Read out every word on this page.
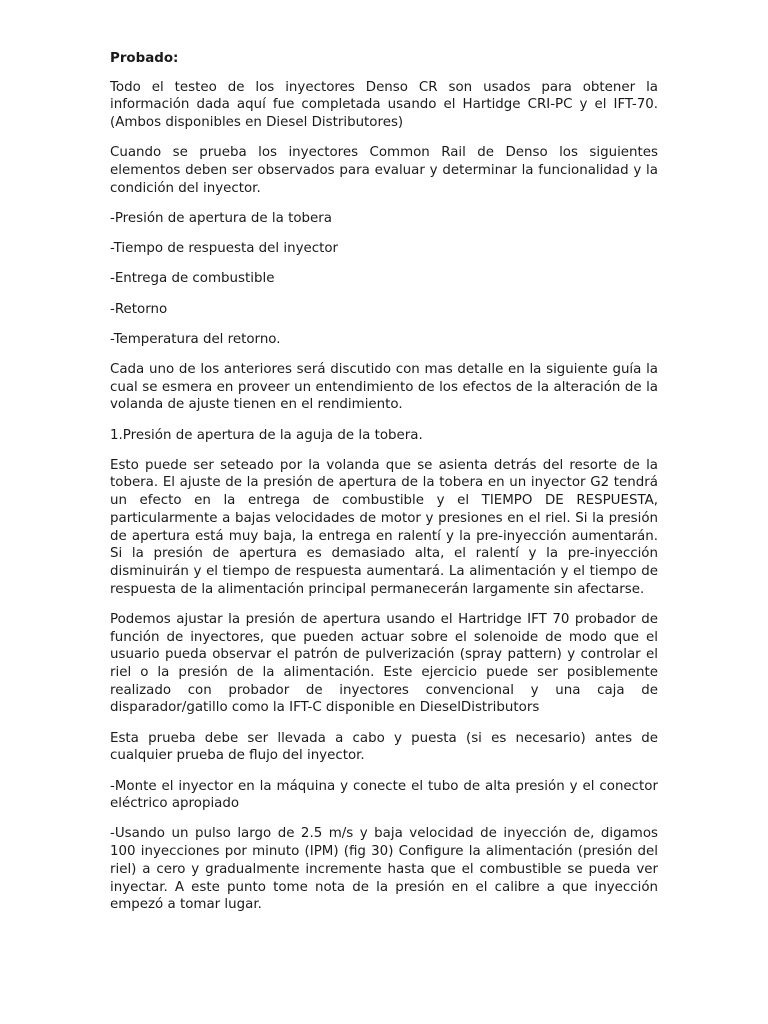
Probado:
Todo el testeo de los inyectores Denso CR son usados para obtener la información dada aquí fue completada usando el Hartidge CRI-PC y el IFT-70. (Ambos disponibles en Diesel Distributores)
Cuando se prueba los inyectores Common Rail de Denso los siguientes elementos deben ser observados para evaluar y determinar la funcionalidad y la condición del inyector.
-Presión de apertura de la tobera
-Tiempo de respuesta del inyector
-Entrega de combustible
-Retorno
-Temperatura del retorno.
Cada uno de los anteriores será discutido con mas detalle en la siguiente guía la cual se esmera en proveer un entendimiento de los efectos de la alteración de la volanda de ajuste tienen en el rendimiento.
1.Presión de apertura de la aguja de la tobera.
Esto puede ser seteado por la volanda que se asienta detrás del resorte de la tobera. El ajuste de la presión de apertura de la tobera en un inyector G2 tendrá un efecto en la entrega de combustible y el TIEMPO DE RESPUESTA, particularmente a bajas velocidades de motor y presiones en el riel. Si la presión de apertura está muy baja, la entrega en ralentí y la pre-inyección aumentarán. Si la presión de apertura es demasiado alta, el ralentí y la pre-inyección disminuirán y el tiempo de respuesta aumentará. La alimentación y el tiempo de respuesta de la alimentación principal permanecerán largamente sin afectarse.
Podemos ajustar la presión de apertura usando el Hartridge IFT 70 probador de función de inyectores, que pueden actuar sobre el solenoide de modo que el usuario pueda observar el patrón de pulverización (spray pattern) y controlar el riel o la presión de la alimentación. Este ejercicio puede ser posiblemente realizado con probador de inyectores convencional y una caja de disparador/gatillo como la IFT-C disponible en DieselDistributors
Esta prueba debe ser llevada a cabo y puesta (si es necesario) antes de cualquier prueba de flujo del inyector.
-Monte el inyector en la máquina y conecte el tubo de alta presión y el conector eléctrico apropiado
-Usando un pulso largo de 2.5 m/s y baja velocidad de inyección de, digamos 100 inyecciones por minuto (IPM) (fig 30) Configure la alimentación (presión del riel) a cero y gradualmente incremente hasta que el combustible se pueda ver inyectar. A este punto tome nota de la presión en el calibre a que inyección empezó a tomar lugar.
